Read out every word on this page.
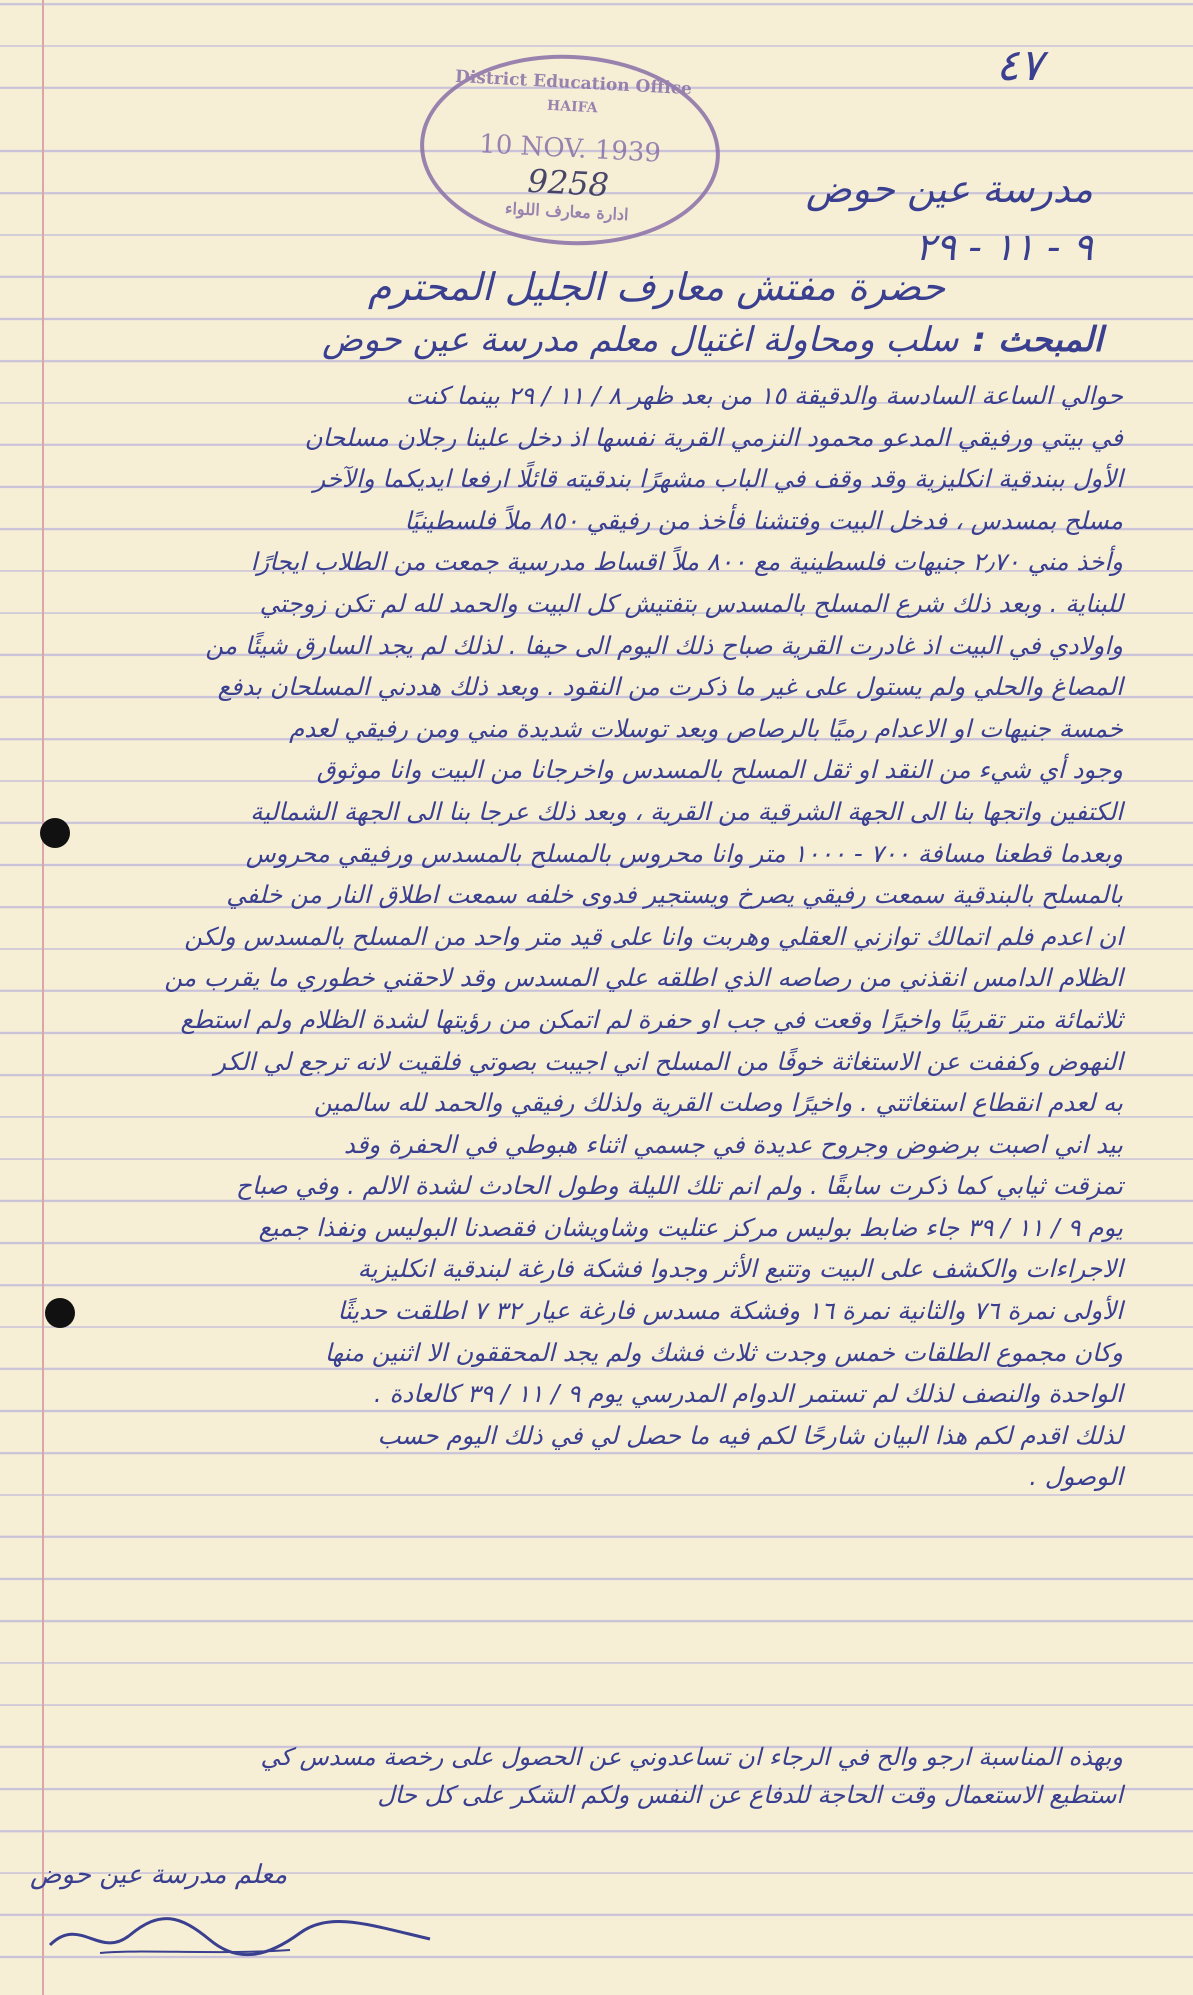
٤٧
District Education Office
HAIFA
10 NOV. 1939
9258
ادارة معارف اللواء
مدرسة عين حوض
٩ - ١١ - ٢٩
حضرة مفتش معارف الجليل المحترم
المبحث :سلب ومحاولة اغتيال معلم مدرسة عين حوض
حوالي الساعة السادسة والدقيقة ١٥ من بعد ظهر ٨ / ١١ / ٢٩ بينما كنت
في بيتي ورفيقي المدعو محمود النزمي القرية نفسها اذ دخل علينا رجلان مسلحان
الأول ببندقية انكليزية وقد وقف في الباب مشهرًا بندقيته قائلًا ارفعا ايديكما والآخر
مسلح بمسدس ، فدخل البيت وفتشنا فأخذ من رفيقي ٨٥٠ ملاً فلسطينيًا
وأخذ مني ٢٫٧٠ جنيهات فلسطينية مع ٨٠٠ ملاً اقساط مدرسية جمعت من الطلاب ايجارًا
للبناية . وبعد ذلك شرع المسلح بالمسدس بتفتيش كل البيت والحمد لله لم تكن زوجتي
واولادي في البيت اذ غادرت القرية صباح ذلك اليوم الى حيفا . لذلك لم يجد السارق شيئًا من
المصاغ والحلي ولم يستول على غير ما ذكرت من النقود . وبعد ذلك هددني المسلحان بدفع
خمسة جنيهات او الاعدام رميًا بالرصاص وبعد توسلات شديدة مني ومن رفيقي لعدم
وجود أي شيء من النقد او ثقل المسلح بالمسدس واخرجانا من البيت وانا موثوق
الكتفين واتجها بنا الى الجهة الشرقية من القرية ، وبعد ذلك عرجا بنا الى الجهة الشمالية
وبعدما قطعنا مسافة ٧٠٠ - ١٠٠٠ متر وانا محروس بالمسلح بالمسدس ورفيقي محروس
بالمسلح بالبندقية سمعت رفيقي يصرخ ويستجير فدوى خلفه سمعت اطلاق النار من خلفي
ان اعدم فلم اتمالك توازني العقلي وهربت وانا على قيد متر واحد من المسلح بالمسدس ولكن
الظلام الدامس انقذني من رصاصه الذي اطلقه علي المسدس وقد لاحقني خطوري ما يقرب من
ثلاثمائة متر تقريبًا واخيرًا وقعت في جب او حفرة لم اتمكن من رؤيتها لشدة الظلام ولم استطع
النهوض وكففت عن الاستغاثة خوفًا من المسلح اني اجيبت بصوتي فلقيت لانه ترجع لي الكر
به لعدم انقطاع استغاثتي . واخيرًا وصلت القرية ولذلك رفيقي والحمد لله سالمين
بيد اني اصبت برضوض وجروح عديدة في جسمي اثناء هبوطي في الحفرة وقد
تمزقت ثيابي كما ذكرت سابقًا . ولم انم تلك الليلة وطول الحادث لشدة الالم . وفي صباح
يوم ٩ / ١١ / ٣٩ جاء ضابط بوليس مركز عتليت وشاويشان فقصدنا البوليس ونفذا جميع
الاجراءات والكشف على البيت وتتبع الأثر وجدوا فشكة فارغة لبندقية انكليزية
الأولى نمرة ٧٦ والثانية نمرة ١٦ وفشكة مسدس فارغة عيار ٣٢ ٧ اطلقت حديثًا
وكان مجموع الطلقات خمس وجدت ثلاث فشك ولم يجد المحققون الا اثنين منها
الواحدة والنصف لذلك لم تستمر الدوام المدرسي يوم ٩ / ١١ / ٣٩ كالعادة .
لذلك اقدم لكم هذا البيان شارحًا لكم فيه ما حصل لي في ذلك اليوم حسب
الوصول .
وبهذه المناسبة ارجو والح في الرجاء ان تساعدوني عن الحصول على رخصة مسدس كي
استطيع الاستعمال وقت الحاجة للدفاع عن النفس ولكم الشكر على كل حال
معلم مدرسة عين حوض
